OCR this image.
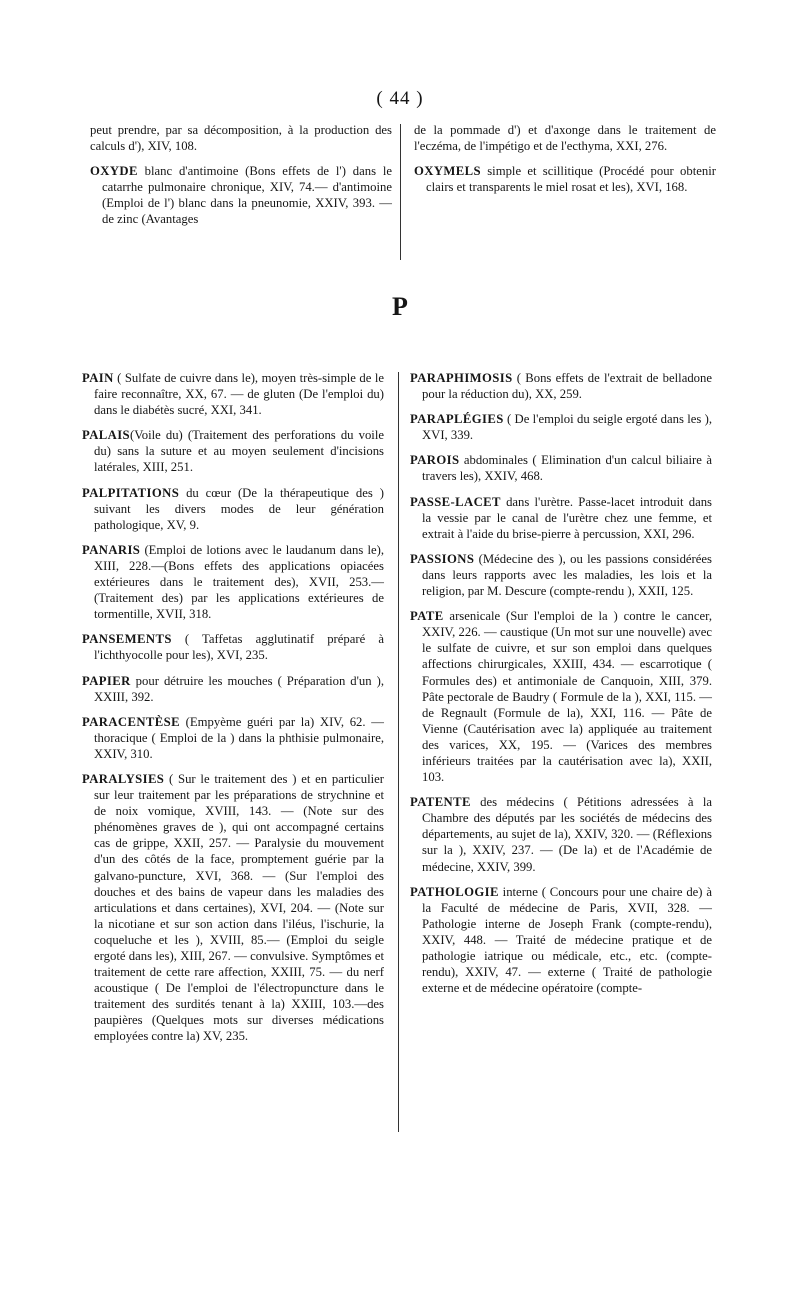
( 44 )

peut prendre, par sa décomposition, à la production des calculs d'), XIV, 108.

OXYDE blanc d'antimoine (Bons effets de l') dans le catarrhe pulmonaire chronique, XIV, 74.— d'antimoine (Emploi de l') blanc dans la pneunomie, XXIV, 393. — de zinc (Avantages

de la pommade d') et d'axonge dans le traitement de l'eczéma, de l'impétigo et de l'ecthyma, XXI, 276.

OXYMELS simple et scillitique (Procédé pour obtenir clairs et transparents le miel rosat et les), XVI, 168.

P

PAIN ( Sulfate de cuivre dans le), moyen très-simple de le faire reconnaître, XX, 67. — de gluten (De l'emploi du) dans le diabétès sucré, XXI, 341.

PALAIS(Voile du) (Traitement des perforations du voile du) sans la suture et au moyen seulement d'incisions latérales, XIII, 251.

PALPITATIONS du cœur (De la thérapeutique des ) suivant les divers modes de leur génération pathologique, XV, 9.

PANARIS (Emploi de lotions avec le laudanum dans le), XIII, 228.—(Bons effets des applications opiacées extérieures dans le traitement des), XVII, 253.— (Traitement des) par les applications extérieures de tormentille, XVII, 318.

PANSEMENTS ( Taffetas agglutinatif préparé à l'ichthyocolle pour les), XVI, 235.

PAPIER pour détruire les mouches ( Préparation d'un ), XXIII, 392.

PARACENTÈSE (Empyème guéri par la) XIV, 62. — thoracique ( Emploi de la ) dans la phthisie pulmonaire, XXIV, 310.

PARALYSIES ( Sur le traitement des ) et en particulier sur leur traitement par les préparations de strychnine et de noix vomique, XVIII, 143. — (Note sur des phénomènes graves de ), qui ont accompagné certains cas de grippe, XXII, 257. — Paralysie du mouvement d'un des côtés de la face, promptement guérie par la galvano-puncture, XVI, 368. — (Sur l'emploi des douches et des bains de vapeur dans les maladies des articulations et dans certaines), XVI, 204. — (Note sur la nicotiane et sur son action dans l'iléus, l'ischurie, la coqueluche et les ), XVIII, 85.— (Emploi du seigle ergoté dans les), XIII, 267. — convulsive. Symptômes et traitement de cette rare affection, XXIII, 75. — du nerf acoustique ( De l'emploi de l'électropuncture dans le traitement des surdités tenant à la) XXIII, 103.—des paupières (Quelques mots sur diverses médications employées contre la) XV, 235.

PARAPHIMOSIS ( Bons effets de l'extrait de belladone pour la réduction du), XX, 259.

PARAPLÉGIES ( De l'emploi du seigle ergoté dans les ), XVI, 339.

PAROIS abdominales ( Elimination d'un calcul biliaire à travers les), XXIV, 468.

PASSE-LACET dans l'urètre. Passe-lacet introduit dans la vessie par le canal de l'urètre chez une femme, et extrait à l'aide du brise-pierre à percussion, XXI, 296.

PASSIONS (Médecine des ), ou les passions considérées dans leurs rapports avec les maladies, les lois et la religion, par M. Descure (compte-rendu ), XXII, 125.

PATE arsenicale (Sur l'emploi de la ) contre le cancer, XXIV, 226. — caustique (Un mot sur une nouvelle) avec le sulfate de cuivre, et sur son emploi dans quelques affections chirurgicales, XXIII, 434. — escarrotique ( Formules des) et antimoniale de Canquoin, XIII, 379. Pâte pectorale de Baudry ( Formule de la ), XXI, 115. — de Regnault (Formule de la), XXI, 116. — Pâte de Vienne (Cautérisation avec la) appliquée au traitement des varices, XX, 195. — (Varices des membres inférieurs traitées par la cautérisation avec la), XXII, 103.

PATENTE des médecins ( Pétitions adressées à la Chambre des députés par les sociétés de médecins des départements, au sujet de la), XXIV, 320. — (Réflexions sur la ), XXIV, 237. — (De la) et de l'Académie de médecine, XXIV, 399.

PATHOLOGIE interne ( Concours pour une chaire de) à la Faculté de médecine de Paris, XVII, 328. — Pathologie interne de Joseph Frank (compte-rendu), XXIV, 448. — Traité de médecine pratique et de pathologie iatrique ou médicale, etc., etc. (compte-rendu), XXIV, 47. — externe ( Traité de pathologie externe et de médecine opératoire (compte-
